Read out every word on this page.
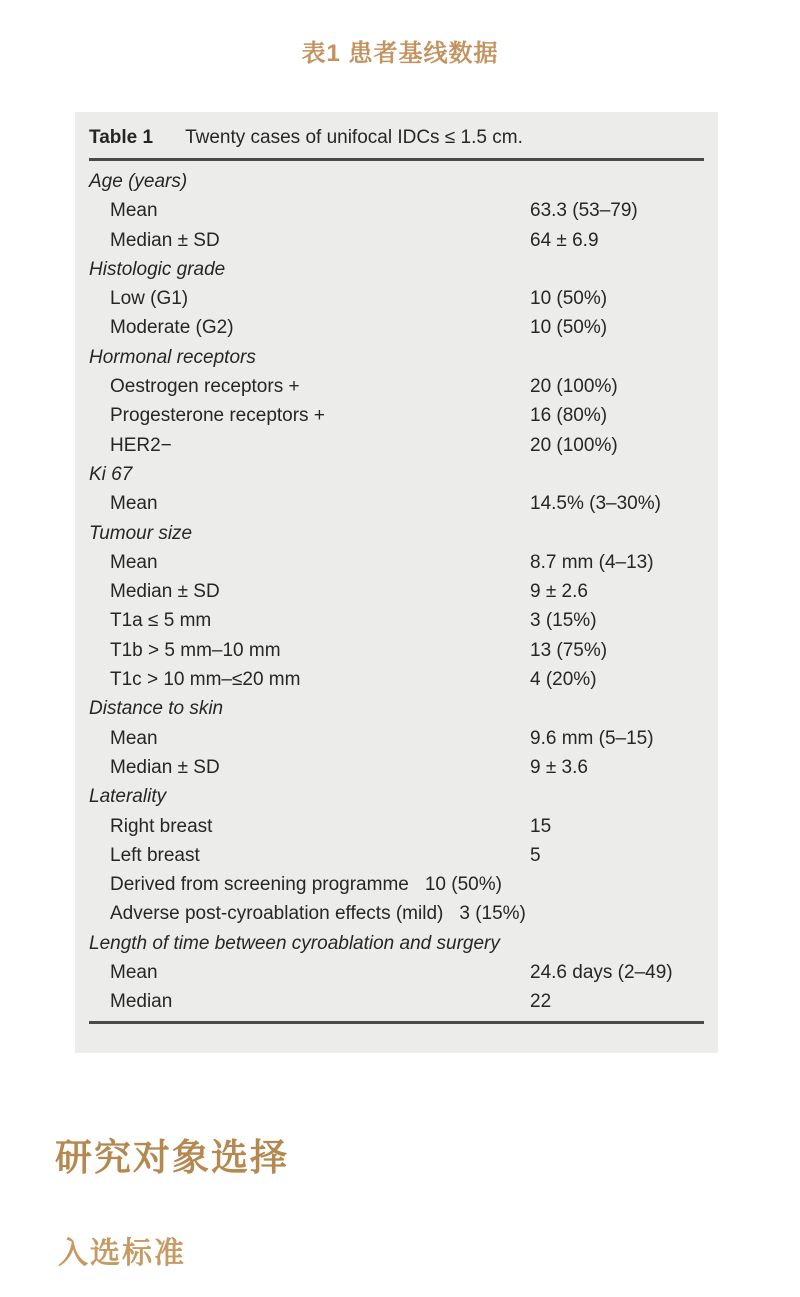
表1 患者基线数据
Table 1 Twenty cases of unifocal IDCs ≤ 1.5 cm.
Age (years)
Mean	63.3 (53–79)
Median ± SD	64 ± 6.9
Histologic grade
Low (G1)	10 (50%)
Moderate (G2)	10 (50%)
Hormonal receptors
Oestrogen receptors +	20 (100%)
Progesterone receptors +	16 (80%)
HER2−	20 (100%)
Ki 67
Mean	14.5% (3–30%)
Tumour size
Mean	8.7 mm (4–13)
Median ± SD	9 ± 2.6
T1a ≤ 5 mm	3 (15%)
T1b > 5 mm–10 mm	13 (75%)
T1c > 10 mm–≤20 mm	4 (20%)
Distance to skin
Mean	9.6 mm (5–15)
Median ± SD	9 ± 3.6
Laterality
Right breast	15
Left breast	5
Derived from screening programme 10 (50%)
Adverse post-cyroablation effects (mild) 3 (15%)
Length of time between cyroablation and surgery
Mean	24.6 days (2–49)
Median	22
研究对象选择
入选标准
